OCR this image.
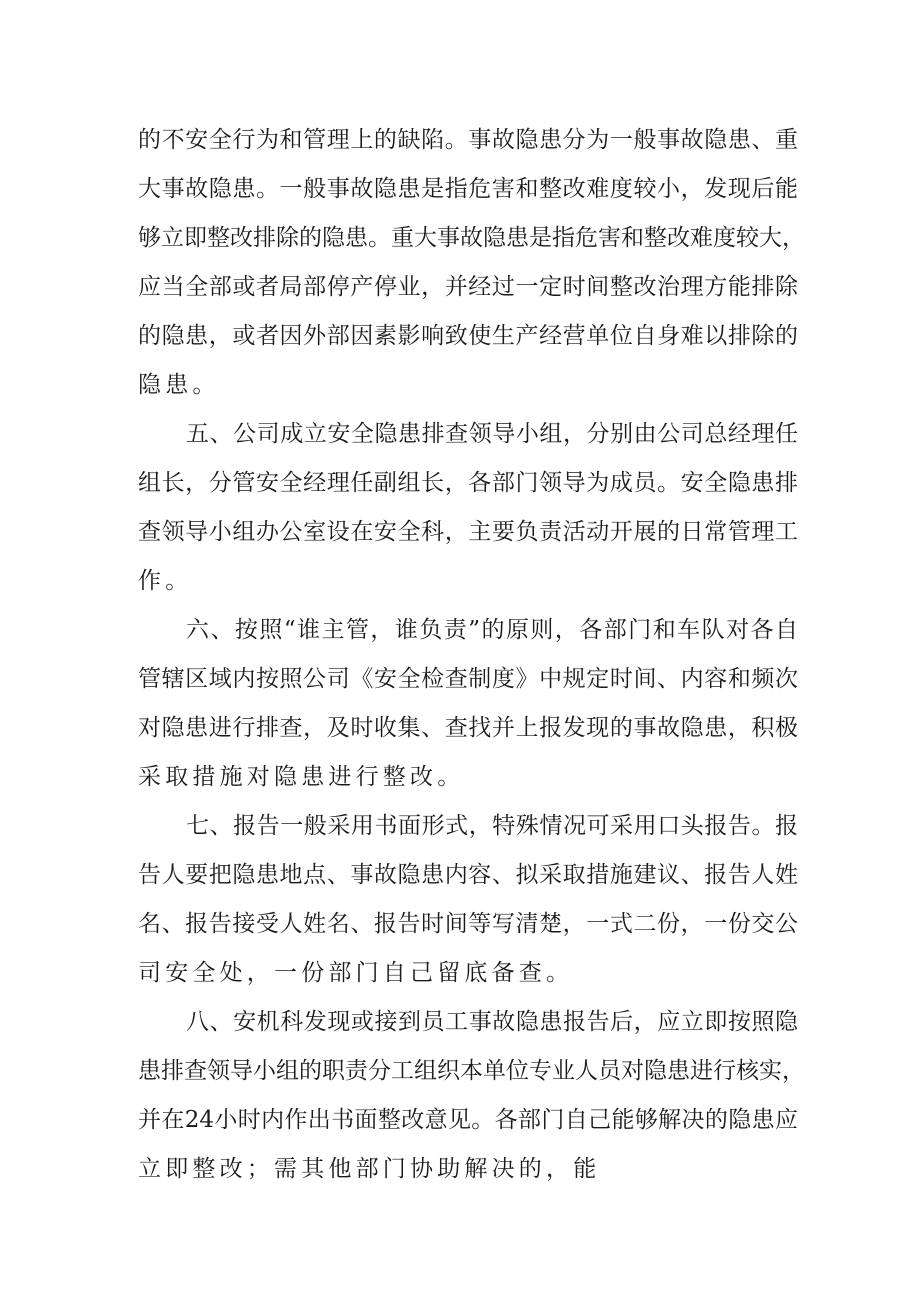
的不安全行为和管理上的缺陷。事故隐患分为一般事故隐患、重
大事故隐患。一般事故隐患是指危害和整改难度较小，发现后能
够立即整改排除的隐患。重大事故隐患是指危害和整改难度较大，
应当全部或者局部停产停业，并经过一定时间整改治理方能排除
的隐患，或者因外部因素影响致使生产经营单位自身难以排除的
隐患。
五、公司成立安全隐患排查领导小组，分别由公司总经理任
组长，分管安全经理任副组长，各部门领导为成员。安全隐患排
查领导小组办公室设在安全科，主要负责活动开展的日常管理工
作。
六、按照“谁主管，谁负责”的原则，各部门和车队对各自
管辖区域内按照公司《安全检查制度》中规定时间、内容和频次
对隐患进行排查，及时收集、查找并上报发现的事故隐患，积极
采取措施对隐患进行整改。
七、报告一般采用书面形式，特殊情况可采用口头报告。报
告人要把隐患地点、事故隐患内容、拟采取措施建议、报告人姓
名、报告接受人姓名、报告时间等写清楚，一式二份，一份交公
司安全处，一份部门自己留底备查。
八、安机科发现或接到员工事故隐患报告后，应立即按照隐
患排查领导小组的职责分工组织本单位专业人员对隐患进行核实，
并在24小时内作出书面整改意见。各部门自己能够解决的隐患应
立即整改；需其他部门协助解决的，能
